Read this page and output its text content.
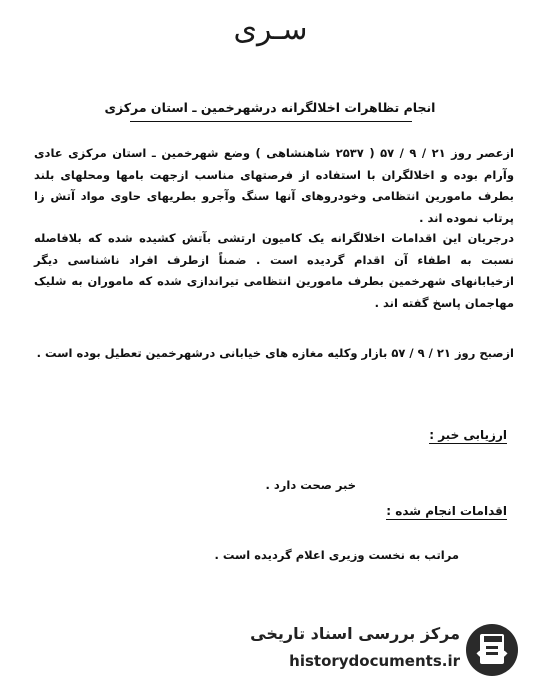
سـری
انجام تظاهرات اخلالگرانه درشهرخمین ـ استان مرکزی
ازعصر روز ۲۱ / ۹ / ۵۷ ( ۲۵۳۷ شاهنشاهی ) وضع شهرخمین ـ استان مرکزی عادی وآرام بوده و اخلالگران با استفاده از فرصتهای مناسب ازجهت بامها ومحلهای بلند بطرف مامورین انتظامی وخودروهای آنها سنگ وآجرو بطریهای حاوی مواد آتش زا پرتاب نموده اند .
درجریان این اقدامات اخلالگرانه یک کامیون ارتشی بآتش کشیده شده که بلافاصله نسبت به اطفاء آن اقدام گردیده است . ضمناً ازطرف افراد ناشناسی دیگر ازخیابانهای شهرخمین بطرف مامورین انتظامی تیراندازی شده که ماموران به شلیک مهاجمان پاسخ گفته اند .
ازصبح روز ۲۱ / ۹ / ۵۷ بازار وکلیه مغازه های خیابانی درشهرخمین تعطیل بوده است .
ارزیابی خبر :
خبر صحت دارد .
اقدامات انجام شده :
مراتب به نخست وزیری اعلام گردیده است .
مرکز بررسی اسناد تاریخی
historydocuments.ir
